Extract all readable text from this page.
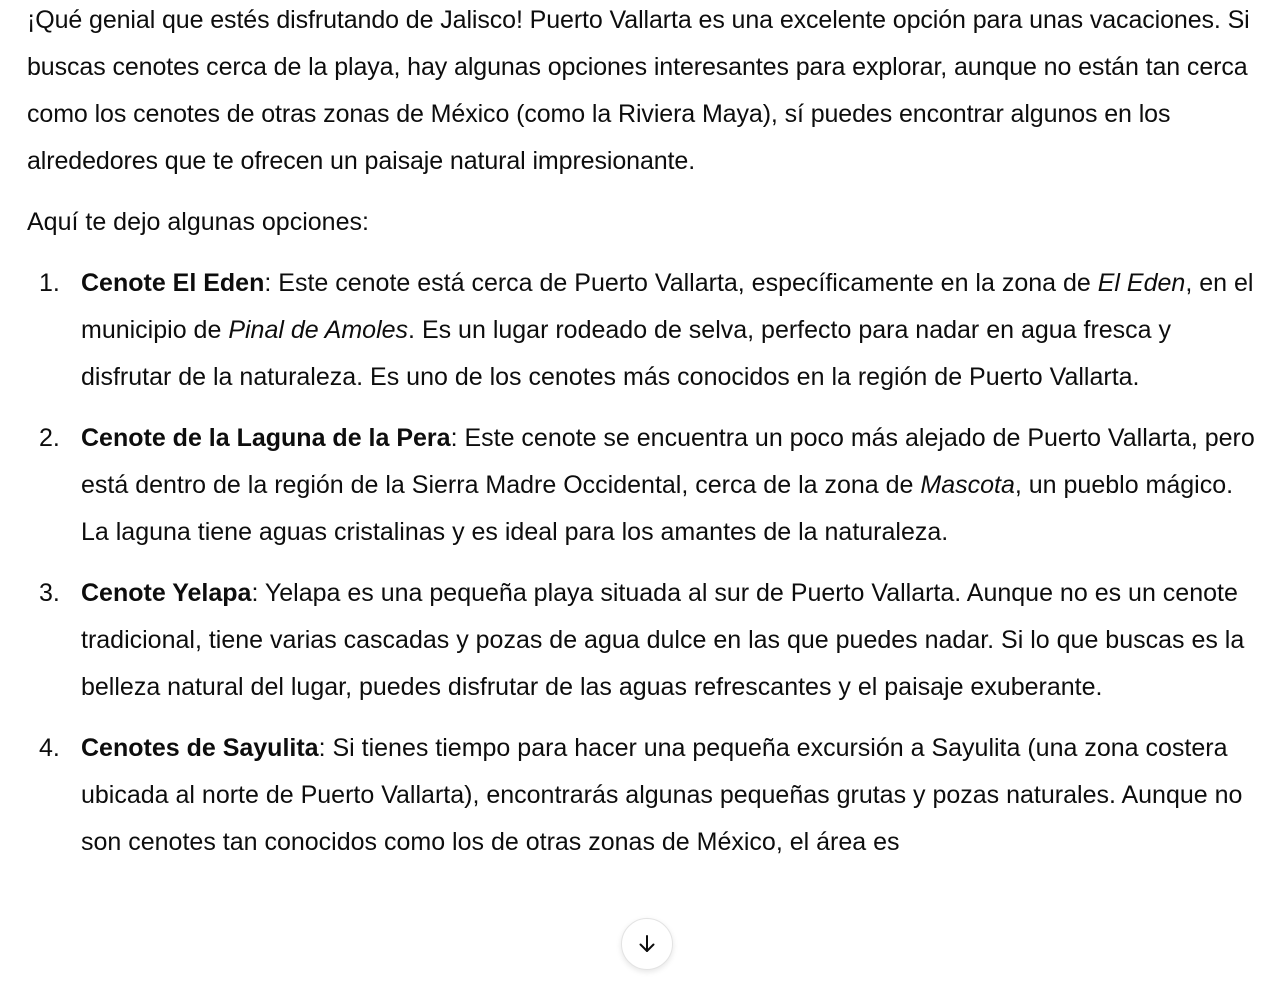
¡Qué genial que estés disfrutando de Jalisco! Puerto Vallarta es una excelente opción para unas vacaciones. Si buscas cenotes cerca de la playa, hay algunas opciones interesantes para explorar, aunque no están tan cerca como los cenotes de otras zonas de México (como la Riviera Maya), sí puedes encontrar algunos en los alrededores que te ofrecen un paisaje natural impresionante.

Aquí te dejo algunas opciones:

1. Cenote El Eden: Este cenote está cerca de Puerto Vallarta, específicamente en la zona de El Eden, en el municipio de Pinal de Amoles. Es un lugar rodeado de selva, perfecto para nadar en agua fresca y disfrutar de la naturaleza. Es uno de los cenotes más conocidos en la región de Puerto Vallarta.
2. Cenote de la Laguna de la Pera: Este cenote se encuentra un poco más alejado de Puerto Vallarta, pero está dentro de la región de la Sierra Madre Occidental, cerca de la zona de Mascota, un pueblo mágico. La laguna tiene aguas cristalinas y es ideal para los amantes de la naturaleza.
3. Cenote Yelapa: Yelapa es una pequeña playa situada al sur de Puerto Vallarta. Aunque no es un cenote tradicional, tiene varias cascadas y pozas de agua dulce en las que puedes nadar. Si lo que buscas es la belleza natural del lugar, puedes disfrutar de las aguas refrescantes y el paisaje exuberante.
4. Cenotes de Sayulita: Si tienes tiempo para hacer una pequeña excursión a Sayulita (una zona costera ubicada al norte de Puerto Vallarta), encontrarás algunas pequeñas grutas y pozas naturales. Aunque no son cenotes tan conocidos como los de otras zonas de México, el área es
